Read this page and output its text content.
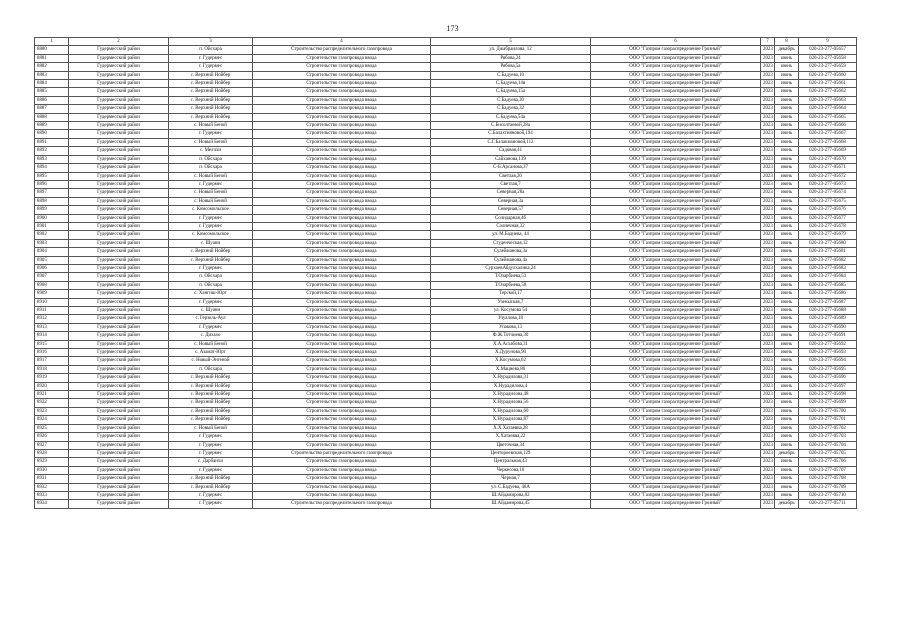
173
1	2	3	4	5	6	7	8	9
8880	Гудермесский район	п. Ойсхара	Строительство распределительного газопровода	ул. Джабраилова, 12	ООО "Газпром газораспределение Грозный"	2023	декабрь	020-23-277-05657
8881	Гудермесский район	г. Гудермес	Строительство газопровода ввода	Рябова,24	ООО "Газпром газораспределение Грозный"	2023	июнь	020-23-277-05658
8882	Гудермесский район	г. Гудермес	Строительство газопровода ввода	Рябова,5а	ООО "Газпром газораспределение Грозный"	2023	июнь	020-23-277-05659
8883	Гудермесский район	с. Верхний Нойбер	Строительство газопровода ввода	С.Бадуева,10	ООО "Газпром газораспределение Грозный"	2023	июнь	020-23-277-05660
8884	Гудермесский район	с. Верхний Нойбер	Строительство газопровода ввода	С.Бадуева,14в	ООО "Газпром газораспределение Грозный"	2023	июнь	020-23-277-05661
8885	Гудермесский район	с. Верхний Нойбер	Строительство газопровода ввода	С.Бадуева,15а	ООО "Газпром газораспределение Грозный"	2023	июнь	020-23-277-05662
8886	Гудермесский район	с. Верхний Нойбер	Строительство газопровода ввода	С.Бадуева,30	ООО "Газпром газораспределение Грозный"	2023	июнь	020-23-277-05663
8887	Гудермесский район	с. Верхний Нойбер	Строительство газопровода ввода	С.Бадуева,32	ООО "Газпром газораспределение Грозный"	2023	июнь	020-23-277-05664
8888	Гудермесский район	с. Верхний Нойбер	Строительство газопровода ввода	С.Бадуева,54а	ООО "Газпром газораспределение Грозный"	2023	июнь	020-23-277-05665
8889	Гудермесский район	с. Новый Беной	Строительство газопровода ввода	С.Бисолтаевой,28а	ООО "Газпром газораспределение Грозный"	2023	июнь	020-23-277-05666
8890	Гудермесский район	г. Гудермес	Строительство газопровода ввода	С.Балахтияновой,194	ООО "Газпром газораспределение Грозный"	2023	июнь	020-23-277-05667
8891	Гудермесский район	с. Новый Беной	Строительство газопровода ввода	С.Г.Балакмановой,112	ООО "Газпром газораспределение Грозный"	2023	июнь	020-23-277-05668
8892	Гудермесский район	с. Мелчхи	Строительство газопровода ввода	Садовая,41	ООО "Газпром газораспределение Грозный"	2023	июнь	020-23-277-05669
8893	Гудермесский район	п. Ойсхара	Строительство газопровода ввода	Сайханова,139	ООО "Газпром газораспределение Грозный"	2023	июнь	020-23-277-05670
8894	Гудермесский район	п. Ойсхара	Строительство газопровода ввода	С-Б.Арсанова,37	ООО "Газпром газораспределение Грозный"	2023	июнь	020-23-277-05671
8895	Гудермесский район	с. Новый Беной	Строительство газопровода ввода	Светлая,20	ООО "Газпром газораспределение Грозный"	2023	июнь	020-23-277-05672
8896	Гудермесский район	г. Гудермес	Строительство газопровода ввода	Светлая,7	ООО "Газпром газораспределение Грозный"	2023	июнь	020-23-277-05673
8897	Гудермесский район	с. Новый Беной	Строительство газопровода ввода	Северная,28а	ООО "Газпром газораспределение Грозный"	2023	июнь	020-23-277-05674
8898	Гудермесский район	с. Новый Беной	Строительство газопровода ввода	Северная,3а	ООО "Газпром газораспределение Грозный"	2023	июнь	020-23-277-05675
8899	Гудермесский район	с. Комсомольское	Строительство газопровода ввода	Северная,57	ООО "Газпром газораспределение Грозный"	2023	июнь	020-23-277-05676
8900	Гудермесский район	г. Гудермес	Строительство газопровода ввода	Солидарная,4б	ООО "Газпром газораспределение Грозный"	2023	июнь	020-23-277-05677
8901	Гудермесский район	г. Гудермес	Строительство газопровода ввода	Солнечная,32	ООО "Газпром газораспределение Грозный"	2023	июнь	020-23-277-05678
8902	Гудермесский район	с. Комсомольское	Строительство газопровода ввода	ул. М.Бадиева, 44	ООО "Газпром газораспределение Грозный"	2023	июнь	020-23-277-05679
8903	Гудермесский район	с. Шуани	Строительство газопровода ввода	Студенческая,12	ООО "Газпром газораспределение Грозный"	2023	июнь	020-23-277-05680
8904	Гудермесский район	с. Верхний Нойбер	Строительство газопровода ввода	Сулейманова,3а	ООО "Газпром газораспределение Грозный"	2023	июнь	020-23-277-05681
8905	Гудермесский район	с. Верхний Нойбер	Строительство газопровода ввода	Сулейманова,4а	ООО "Газпром газораспределение Грозный"	2023	июнь	020-23-277-05682
8906	Гудермесский район	г. Гудермес	Строительство газопровода ввода	СурхоевАбдулхалика,24	ООО "Газпром газораспределение Грозный"	2023	июнь	020-23-277-05683
8907	Гудермесский район	п. Ойсхара	Строительство газопровода ввода	Т.Озарбиева,53	ООО "Газпром газораспределение Грозный"	2023	июнь	020-23-277-05684
8908	Гудермесский район	п. Ойсхара	Строительство газопровода ввода	Т.Озарбиева,58	ООО "Газпром газораспределение Грозный"	2023	июнь	020-23-277-05685
8909	Гудермесский район	с. Хангиш-Юрт	Строительство газопровода ввода	Терской,17	ООО "Газпром газораспределение Грозный"	2023	июнь	020-23-277-05686
8910	Гудермесский район	г. Гудермес	Строительство газопровода ввода	Узеныская,7	ООО "Газпром газораспределение Грозный"	2023	июнь	020-23-277-05687
8911	Гудермесский район	с. Шуани	Строительство газопровода ввода	ул. Косумова 54	ООО "Газпром газораспределение Грозный"	2023	июнь	020-23-277-05688
8912	Гудермесский район	с. Герзель-Аул	Строительство газопровода ввода	Узуалова,18	ООО "Газпром газораспределение Грозный"	2023	июнь	020-23-277-05689
8913	Гудермесский район	г. Гудермес	Строительство газопровода ввода	Упакова,13	ООО "Газпром газораспределение Грозный"	2023	июнь	020-23-277-05690
8914	Гудермесский район	с. Дихахо	Строительство газопровода ввода	Ф.Ж.Тотчиева,30	ООО "Газпром газораспределение Грозный"	2023	июнь	020-23-277-05691
8915	Гудермесский район	с. Новый Беной	Строительство газопровода ввода	Х.А.Асхабова,31	ООО "Газпром газораспределение Грозный"	2023	июнь	020-23-277-05692
8916	Гудермесский район	с. Азамат-Юрт	Строительство газопровода ввода	Х.Дурунова,90	ООО "Газпром газораспределение Грозный"	2023	июнь	020-23-277-05693
8917	Гудермесский район	с. Новый-Энгеной	Строительство газопровода ввода	Х.Косумова,62	ООО "Газпром газораспределение Грозный"	2023	июнь	020-23-277-05694
8918	Гудермесский район	п. Ойсхара	Строительство газопровода ввода	Х.Мациева,86	ООО "Газпром газораспределение Грозный"	2023	июнь	020-23-277-05695
8919	Гудермесский район	с. Верхний Нойбер	Строительство газопровода ввода	Х.Нурадилова,31	ООО "Газпром газораспределение Грозный"	2023	июнь	020-23-277-05696
8920	Гудермесский район	с. Верхний Нойбер	Строительство газопровода ввода	Х.Нурадилова,4	ООО "Газпром газораспределение Грозный"	2023	июнь	020-23-277-05697
8921	Гудермесский район	с. Верхний Нойбер	Строительство газопровода ввода	Х.Нурадилова,48	ООО "Газпром газораспределение Грозный"	2023	июнь	020-23-277-05698
8922	Гудермесский район	с. Верхний Нойбер	Строительство газопровода ввода	Х.Нурадилова,56	ООО "Газпром газораспределение Грозный"	2023	июнь	020-23-277-05699
8923	Гудермесский район	с. Верхний Нойбер	Строительство газопровода ввода	Х.Нурадилова,60	ООО "Газпром газораспределение Грозный"	2023	июнь	020-23-277-05700
8924	Гудермесский район	с. Верхний Нойбер	Строительство газопровода ввода	Х.Нурадилова,87	ООО "Газпром газораспределение Грозный"	2023	июнь	020-23-277-05701
8925	Гудермесский район	с. Новый Беной	Строительство газопровода ввода	Х.Х.Хатаевва,28	ООО "Газпром газораспределение Грозный"	2023	июнь	020-23-277-05702
8926	Гудермесский район	г. Гудермес	Строительство газопровода ввода	Х.Хатаевва,22	ООО "Газпром газораспределение Грозный"	2023	июнь	020-23-277-05703
8927	Гудермесский район	г. Гудермес	Строительство газопровода ввода	Цветочная,34	ООО "Газпром газораспределение Грозный"	2023	июнь	020-23-277-05704
8928	Гудермесский район	г. Гудермес	Строительство распределительного газопровода	Центороевская,129	ООО "Газпром газораспределение Грозный"	2023	декабрь	020-23-277-05705
8929	Гудермесский район	с. Дарбанхи	Строительство газопровода ввода	Центральная,43	ООО "Газпром газораспределение Грозный"	2023	июнь	020-23-277-05706
8930	Гудермесский район	г. Гудермес	Строительство газопровода ввода	Черкесова,16	ООО "Газпром газораспределение Грозный"	2023	июнь	020-23-277-05707
8931	Гудермесский район	с. Верхний Нойбер	Строительство газопровода ввода	Черная,7	ООО "Газпром газораспределение Грозный"	2023	июнь	020-23-277-05708
8932	Гудермесский район	с. Верхний Нойбер	Строительство газопровода ввода	ул. С.Бадуева, 48А	ООО "Газпром газораспределение Грозный"	2023	июнь	020-23-277-05709
8933	Гудермесский район	г. Гудермес	Строительство газопровода ввода	Ш.Айдамирова,82	ООО "Газпром газораспределение Грозный"	2023	июнь	020-23-277-05710
8934	Гудермесский район	г. Гудермес	Строительство распределительного газопровода	Ш.Айдамирова,45	ООО "Газпром газораспределение Грозный"	2023	декабрь	020-23-277-05711
